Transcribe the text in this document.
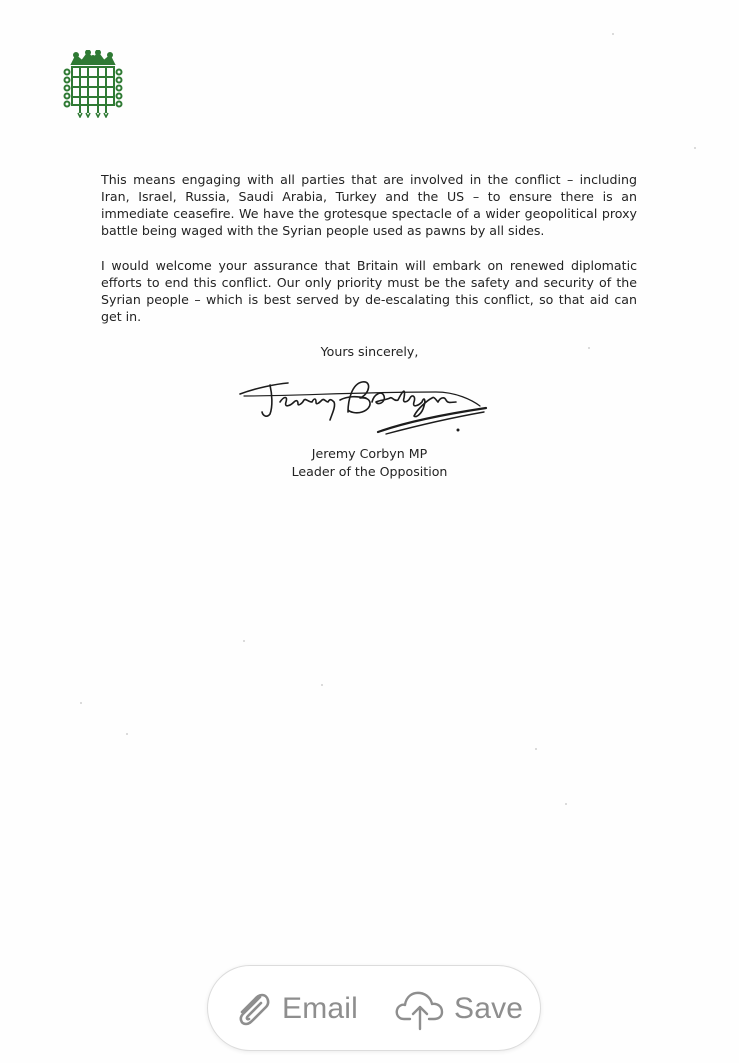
This means engaging with all parties that are involved in the conflict – including Iran, Israel, Russia, Saudi Arabia, Turkey and the US – to ensure there is an immediate ceasefire. We have the grotesque spectacle of a wider geopolitical proxy battle being waged with the Syrian people used as pawns by all sides.

I would welcome your assurance that Britain will embark on renewed diplomatic efforts to end this conflict. Our only priority must be the safety and security of the Syrian people – which is best served by de-escalating this conflict, so that aid can get in.

Yours sincerely,
Jeremy Corbyn MP
Leader of the Opposition
Email	Save
